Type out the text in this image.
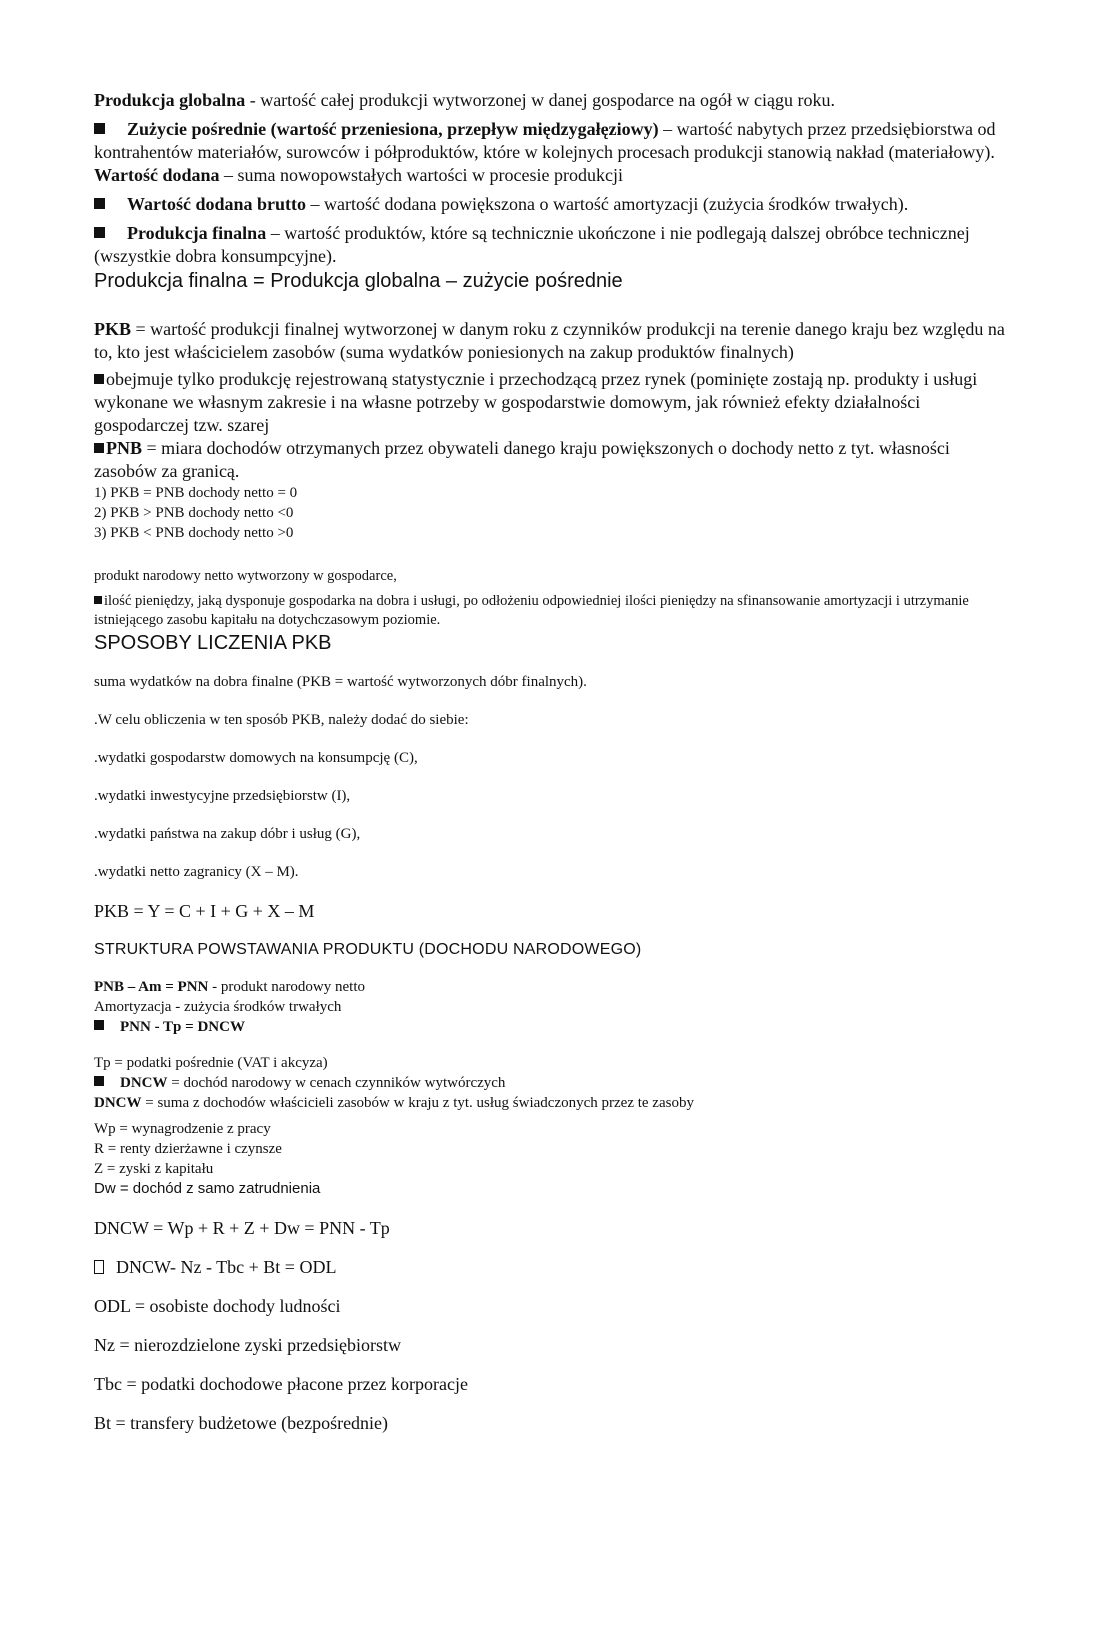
Produkcja globalna - wartość całej produkcji wytworzonej w danej gospodarce na ogół w ciągu roku.

Zużycie pośrednie (wartość przeniesiona, przepływ międzygałęziowy) – wartość nabytych przez przedsiębiorstwa od kontrahentów materiałów, surowców i półproduktów, które w kolejnych procesach produkcji stanowią nakład (materiałowy).

Wartość dodana – suma nowopowstałych wartości w procesie produkcji

Wartość dodana brutto – wartość dodana powiększona o wartość amortyzacji (zużycia środków trwałych).

Produkcja finalna – wartość produktów, które są technicznie ukończone i nie podlegają dalszej obróbce technicznej (wszystkie dobra konsumpcyjne).

Produkcja finalna = Produkcja globalna – zużycie pośrednie

PKB = wartość produkcji finalnej wytworzonej w danym roku z czynników produkcji na terenie danego kraju bez względu na to, kto jest właścicielem zasobów (suma wydatków poniesionych na zakup produktów finalnych)

obejmuje tylko produkcję rejestrowaną statystycznie i przechodzącą przez rynek (pominięte zostają np. produkty i usługi wykonane we własnym zakresie i na własne potrzeby w gospodarstwie domowym, jak również efekty działalności gospodarczej tzw. szarej

PNB = miara dochodów otrzymanych przez obywateli danego kraju powiększonych o dochody netto z tyt. własności zasobów za granicą.

1) PKB = PNB dochody netto = 0

2) PKB > PNB dochody netto <0

3) PKB < PNB dochody netto >0

produkt narodowy netto wytworzony w gospodarce,

ilość pieniędzy, jaką dysponuje gospodarka na dobra i usługi, po odłożeniu odpowiedniej ilości pieniędzy na sfinansowanie amortyzacji i utrzymanie istniejącego zasobu kapitału na dotychczasowym poziomie.

SPOSOBY LICZENIA PKB

suma wydatków na dobra finalne (PKB = wartość wytworzonych dóbr finalnych).

.W celu obliczenia w ten sposób PKB, należy dodać do siebie:

.wydatki gospodarstw domowych na konsumpcję (C),

.wydatki inwestycyjne przedsiębiorstw (I),

.wydatki państwa na zakup dóbr i usług (G),

.wydatki netto zagranicy (X – M).

PKB = Y = C + I + G + X – M

STRUKTURA POWSTAWANIA PRODUKTU (DOCHODU NARODOWEGO)

PNB – Am = PNN - produkt narodowy netto

Amortyzacja - zużycia środków trwałych

PNN - Tp = DNCW

Tp = podatki pośrednie (VAT i akcyza)

DNCW = dochód narodowy w cenach czynników wytwórczych

DNCW = suma z dochodów właścicieli zasobów w kraju z tyt. usług świadczonych przez te zasoby

Wp = wynagrodzenie z pracy

R = renty dzierżawne i czynsze

Z = zyski z kapitału

Dw = dochód z samo zatrudnienia

DNCW = Wp + R + Z + Dw = PNN - Tp

DNCW- Nz - Tbc + Bt = ODL

ODL = osobiste dochody ludności

Nz = nierozdzielone zyski przedsiębiorstw

Tbc = podatki dochodowe płacone przez korporacje

Bt = transfery budżetowe (bezpośrednie)
